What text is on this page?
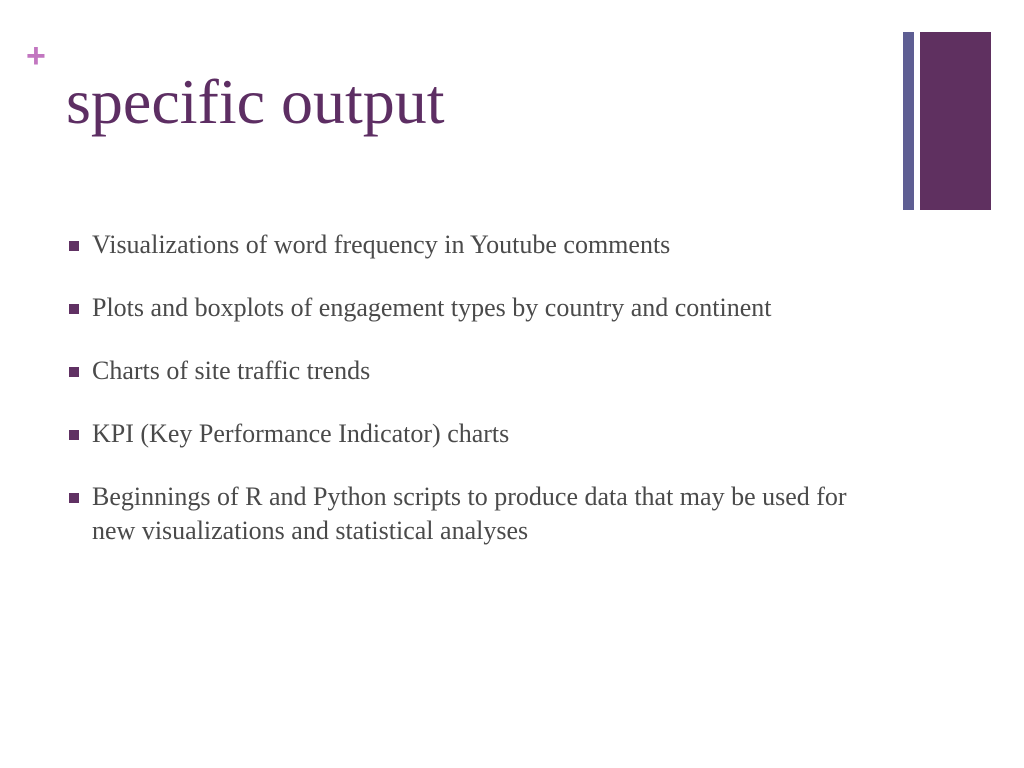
+
specific output
Visualizations of word frequency in Youtube comments
Plots and boxplots of engagement types by country and continent
Charts of site traffic trends
KPI (Key Performance Indicator) charts
Beginnings of R and Python scripts to produce data that may be used for new visualizations and statistical analyses
